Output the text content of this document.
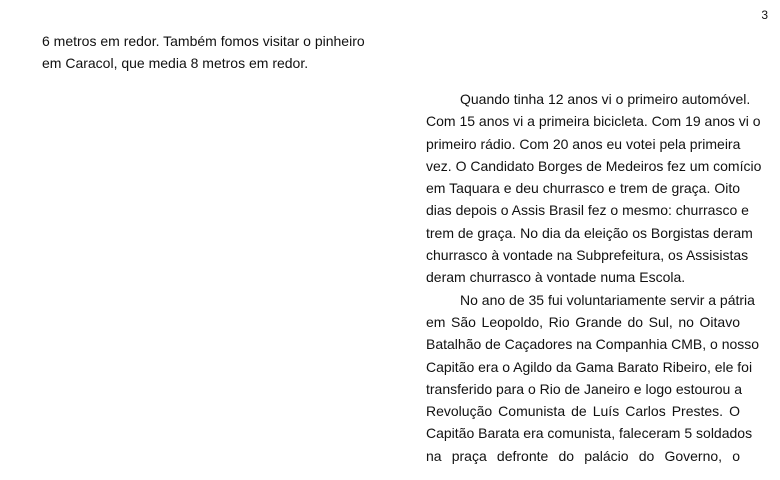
3
6 metros em redor. Também fomos visitar o pinheiro
em Caracol, que media 8 metros em redor.
Quando tinha 12 anos vi o primeiro automóvel.
Com 15 anos vi a primeira bicicleta. Com 19 anos vi o
primeiro rádio. Com 20 anos eu votei pela primeira
vez. O Candidato Borges de Medeiros fez um comício
em Taquara e deu churrasco e trem de graça. Oito
dias depois o Assis Brasil fez o mesmo: churrasco e
trem de graça. No dia da eleição os Borgistas deram
churrasco à vontade na Subprefeitura, os Assisistas
deram churrasco à vontade numa Escola.
No ano de 35 fui voluntariamente servir a pátria
em São Leopoldo, Rio Grande do Sul, no Oitavo
Batalhão de Caçadores na Companhia CMB, o nosso
Capitão era o Agildo da Gama Barato Ribeiro, ele foi
transferido para o Rio de Janeiro e logo estourou a
Revolução Comunista de Luís Carlos Prestes. O
Capitão Barata era comunista, faleceram 5 soldados
na praça defronte do palácio do Governo, o
